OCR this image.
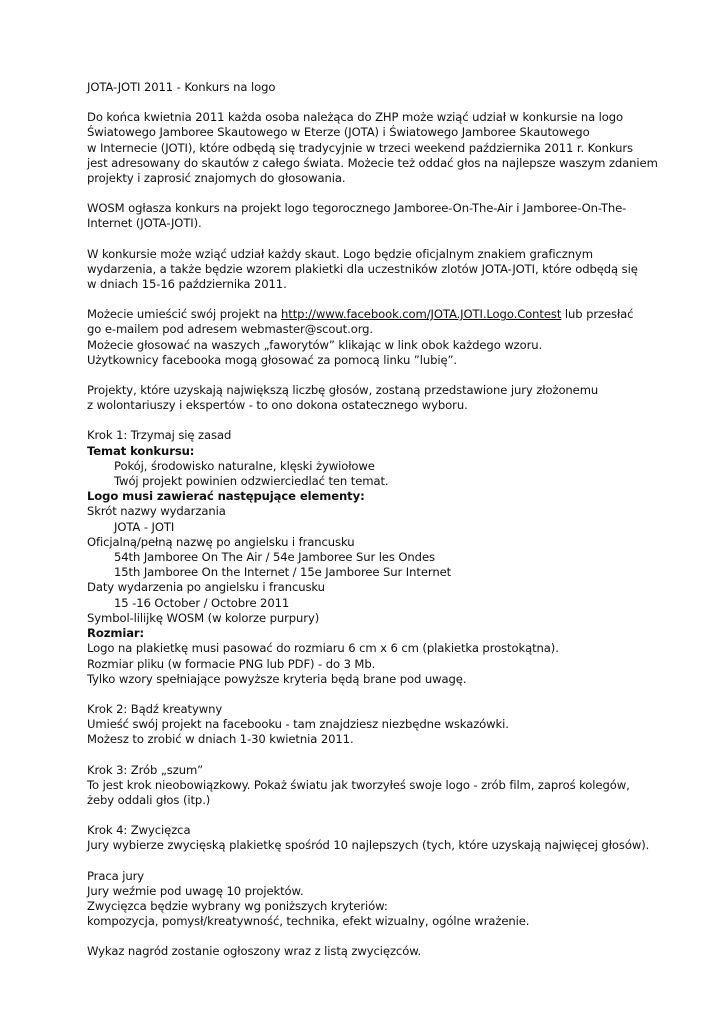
JOTA-JOTI 2011 - Konkurs na logo
Do końca kwietnia 2011 każda osoba należąca do ZHP może wziąć udział w konkursie na logo
Światowego Jamboree Skautowego w Eterze (JOTA) i Światowego Jamboree Skautowego
w Internecie (JOTI), które odbędą się tradycyjnie w trzeci weekend października 2011 r. Konkurs
jest adresowany do skautów z całego świata. Możecie też oddać głos na najlepsze waszym zdaniem
projekty i zaprosić znajomych do głosowania.
WOSM ogłasza konkurs na projekt logo tegorocznego Jamboree-On-The-Air i Jamboree-On-The-
Internet (JOTA-JOTI).
W konkursie może wziąć udział każdy skaut. Logo będzie oficjalnym znakiem graficznym
wydarzenia, a także będzie wzorem plakietki dla uczestników zlotów JOTA-JOTI, które odbędą się
w dniach 15-16 października 2011.
Możecie umieścić swój projekt na http://www.facebook.com/JOTA.JOTI.Logo.Contest lub przesłać
go e-mailem pod adresem webmaster@scout.org.
Możecie głosować na waszych „faworytów” klikając w link obok każdego wzoru.
Użytkownicy facebooka mogą głosować za pomocą linku ”lubię”.
Projekty, które uzyskają największą liczbę głosów, zostaną przedstawione jury złożonemu
z wolontariuszy i ekspertów - to ono dokona ostatecznego wyboru.
Krok 1: Trzymaj się zasad
Temat konkursu:
Pokój, środowisko naturalne, klęski żywiołowe
Twój projekt powinien odzwierciedlać ten temat.
Logo musi zawierać następujące elementy:
Skrót nazwy wydarzania
JOTA - JOTI
Oficjalną/pełną nazwę po angielsku i francusku
54th Jamboree On The Air / 54e Jamboree Sur les Ondes
15th Jamboree On the Internet / 15e Jamboree Sur Internet
Daty wydarzenia po angielsku i francusku
15 -16 October / Octobre 2011
Symbol-lilijkę WOSM (w kolorze purpury)
Rozmiar:
Logo na plakietkę musi pasować do rozmiaru 6 cm x 6 cm (plakietka prostokątna).
Rozmiar pliku (w formacie PNG lub PDF) - do 3 Mb.
Tylko wzory spełniające powyższe kryteria będą brane pod uwagę.
Krok 2: Bądź kreatywny
Umieść swój projekt na facebooku - tam znajdziesz niezbędne wskazówki.
Możesz to zrobić w dniach 1-30 kwietnia 2011.
Krok 3: Zrób „szum”
To jest krok nieobowiązkowy. Pokaż światu jak tworzyłeś swoje logo - zrób film, zaproś kolegów,
żeby oddali głos (itp.)
Krok 4: Zwycięzca
Jury wybierze zwycięską plakietkę spośród 10 najlepszych (tych, które uzyskają najwięcej głosów).
Praca jury
Jury weźmie pod uwagę 10 projektów.
Zwycięzca będzie wybrany wg poniższych kryteriów:
kompozycja, pomysł/kreatywność, technika, efekt wizualny, ogólne wrażenie.
Wykaz nagród zostanie ogłoszony wraz z listą zwycięzców.
